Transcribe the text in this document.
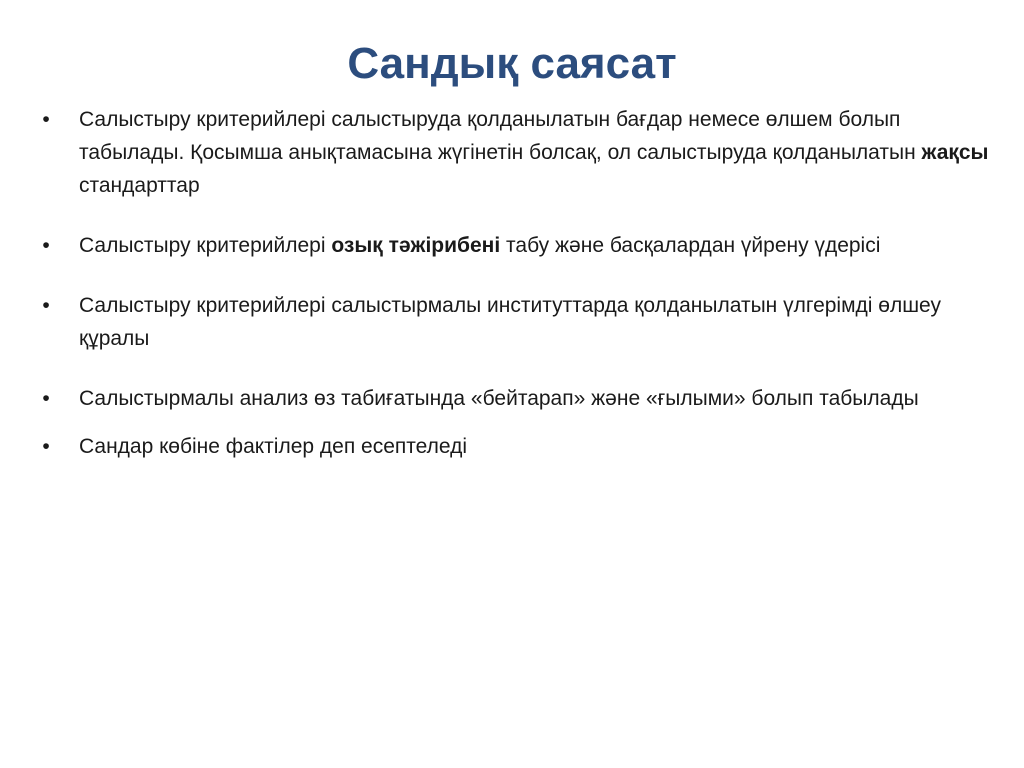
Сандық саясат
• Салыстыру критерийлері салыстыруда қолданылатын бағдар немесе өлшем болып табылады. Қосымша анықтамасына жүгінетін болсақ, ол салыстыруда қолданылатын жақсы стандарттар
• Салыстыру критерийлері озық тәжірибені табу және басқалардан үйрену үдерісі
• Салыстыру критерийлері салыстырмалы институттарда қолданылатын үлгерімді өлшеу құралы
• Салыстырмалы анализ өз табиғатында «бейтарап» және «ғылыми» болып табылады
• Сандар көбіне фактілер деп есептеледі
